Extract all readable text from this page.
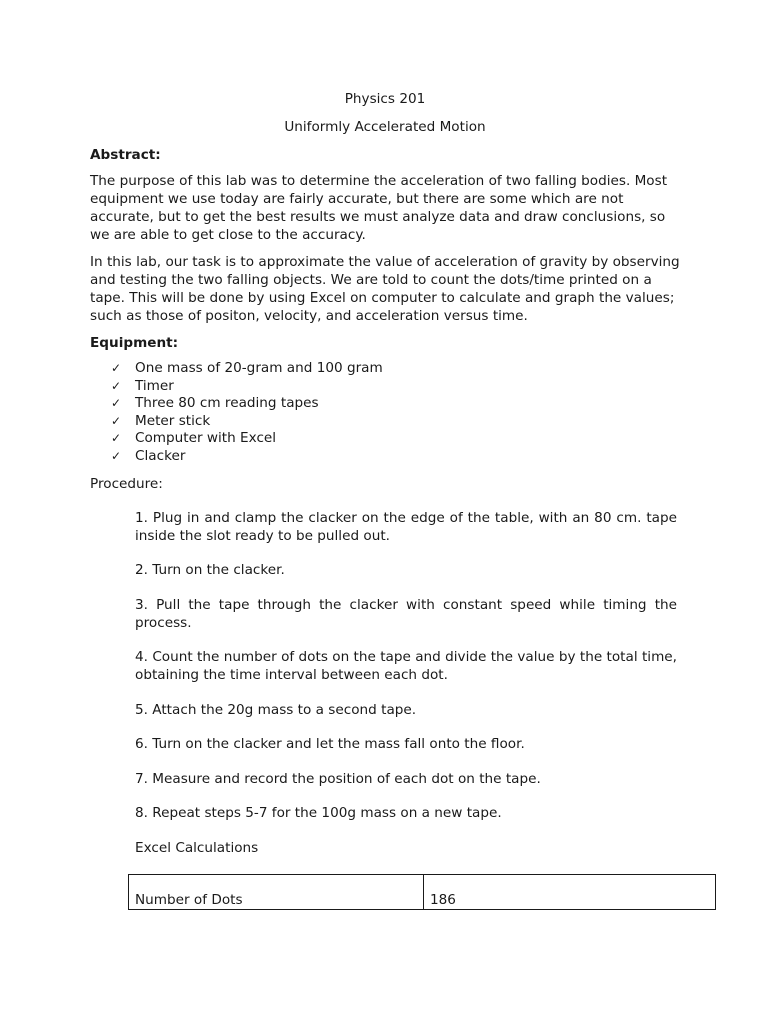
Physics 201
Uniformly Accelerated Motion
Abstract:

The purpose of this lab was to determine the acceleration of two falling bodies. Most equipment we use today are fairly accurate, but there are some which are not accurate, but to get the best results we must analyze data and draw conclusions, so we are able to get close to the accuracy.

In this lab, our task is to approximate the value of acceleration of gravity by observing and testing the two falling objects. We are told to count the dots/time printed on a tape. This will be done by using Excel on computer to calculate and graph the values; such as those of positon, velocity, and acceleration versus time.

Equipment:
✓ One mass of 20-gram and 100 gram
✓ Timer
✓ Three 80 cm reading tapes
✓ Meter stick
✓ Computer with Excel
✓ Clacker
Procedure:
1. Plug in and clamp the clacker on the edge of the table, with an 80 cm. tape inside the slot ready to be pulled out.
2. Turn on the clacker.
3. Pull the tape through the clacker with constant speed while timing the process.
4. Count the number of dots on the tape and divide the value by the total time, obtaining the time interval between each dot.
5. Attach the 20g mass to a second tape.
6. Turn on the clacker and let the mass fall onto the floor.
7. Measure and record the position of each dot on the tape.
8. Repeat steps 5-7 for the 100g mass on a new tape.
Excel Calculations
Number of Dots	186
